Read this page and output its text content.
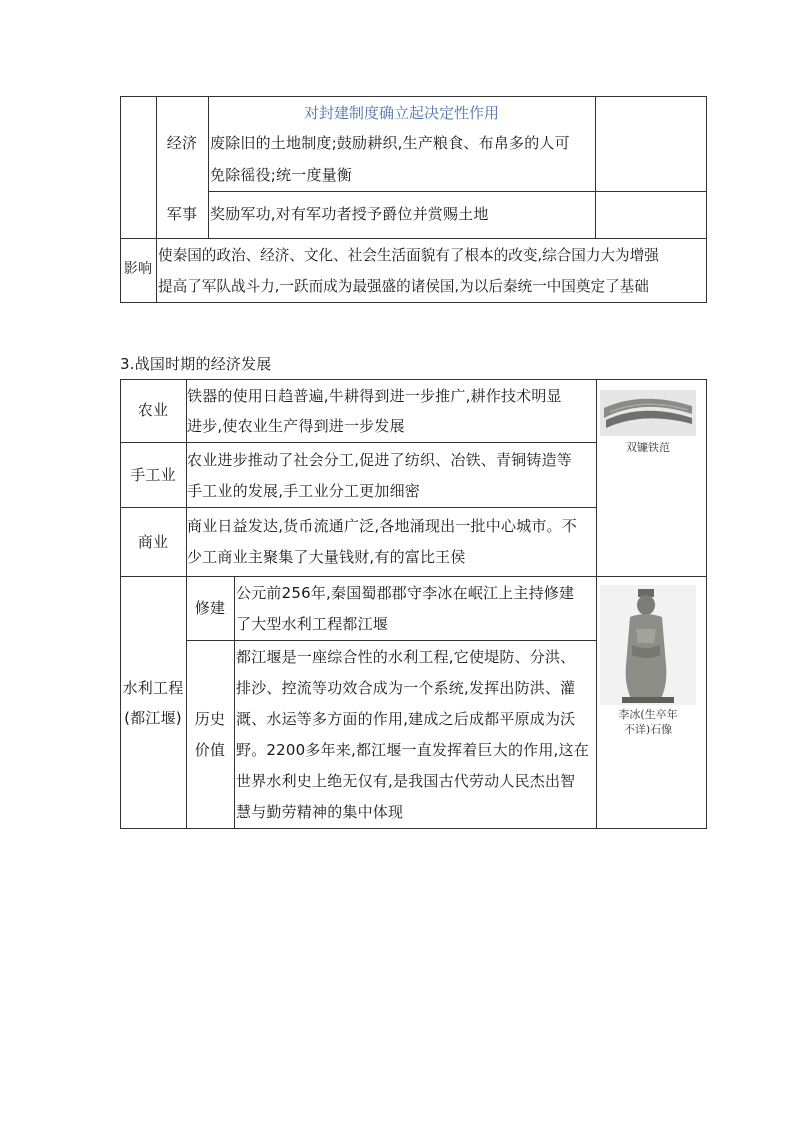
对封建制度确立起决定性作用
经济 废除旧的土地制度;鼓励耕织,生产粮食、布帛多的人可
免除徭役;统一度量衡
军事 奖励军功,对有军功者授予爵位并赏赐土地
影响
使秦国的政治、经济、文化、社会生活面貌有了根本的改变,综合国力大为增强
提高了军队战斗力,一跃而成为最强盛的诸侯国,为以后秦统一中国奠定了基础
3.战国时期的经济发展
农业
铁器的使用日趋普遍,牛耕得到进一步推广,耕作技术明显
进步,使农业生产得到进一步发展
手工业
农业进步推动了社会分工,促进了纺织、冶铁、青铜铸造等
手工业的发展,手工业分工更加细密
商业
商业日益发达,货币流通广泛,各地涌现出一批中心城市。不
少工商业主聚集了大量钱财,有的富比王侯
水利工程
(都江堰)
修建
公元前256年,秦国蜀郡郡守李冰在岷江上主持修建
了大型水利工程都江堰
历史
价值
都江堰是一座综合性的水利工程,它使堤防、分洪、
排沙、控流等功效合成为一个系统,发挥出防洪、灌
溉、水运等多方面的作用,建成之后成都平原成为沃
野。2200多年来,都江堰一直发挥着巨大的作用,这在
世界水利史上绝无仅有,是我国古代劳动人民杰出智
慧与勤劳精神的集中体现
双镰铁范
李冰(生卒年
不详)石像
